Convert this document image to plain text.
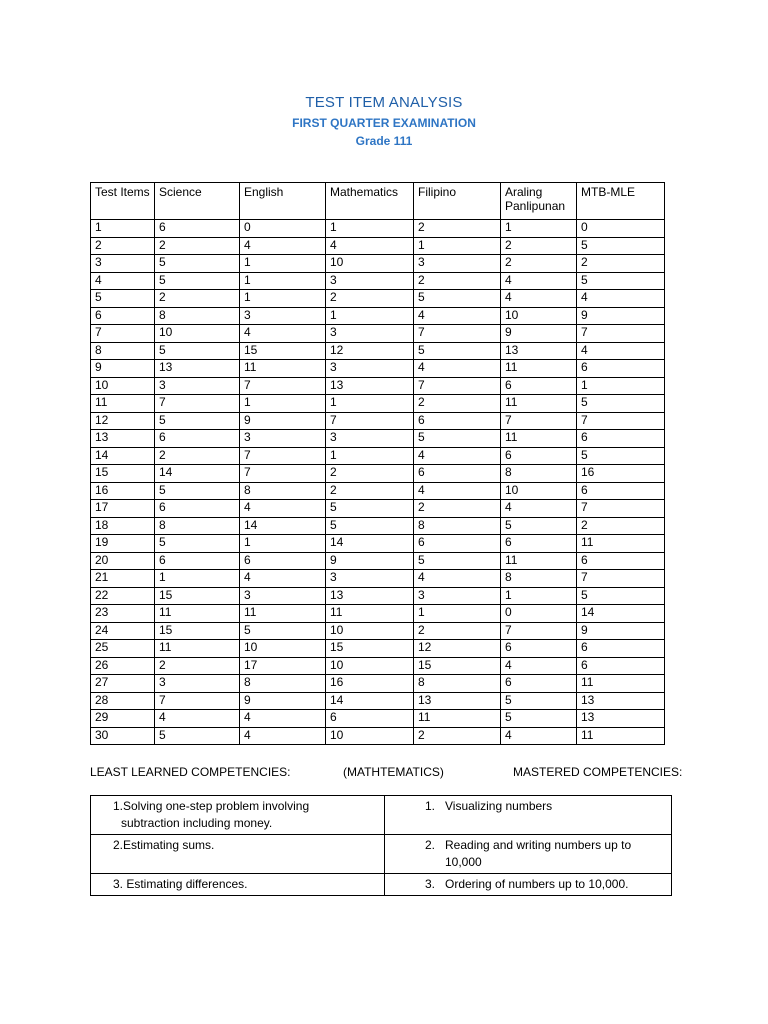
TEST ITEM ANALYSIS
FIRST QUARTER EXAMINATION
Grade 111
Test Items	Science	English	Mathematics	Filipino	Araling Panlipunan	MTB-MLE
1	6	0	1	2	1	0
2	2	4	4	1	2	5
3	5	1	10	3	2	2
4	5	1	3	2	4	5
5	2	1	2	5	4	4
6	8	3	1	4	10	9
7	10	4	3	7	9	7
8	5	15	12	5	13	4
9	13	11	3	4	11	6
10	3	7	13	7	6	1
11	7	1	1	2	11	5
12	5	9	7	6	7	7
13	6	3	3	5	11	6
14	2	7	1	4	6	5
15	14	7	2	6	8	16
16	5	8	2	4	10	6
17	6	4	5	2	4	7
18	8	14	5	8	5	2
19	5	1	14	6	6	11
20	6	6	9	5	11	6
21	1	4	3	4	8	7
22	15	3	13	3	1	5
23	11	11	11	1	0	14
24	15	5	10	2	7	9
25	11	10	15	12	6	6
26	2	17	10	15	4	6
27	3	8	16	8	6	11
28	7	9	14	13	5	13
29	4	4	6	11	5	13
30	5	4	10	2	4	11
LEAST LEARNED COMPETENCIES:	(MATHTEMATICS)	MASTERED COMPETENCIES:
1.Solving one-step problem involving
subtraction including money.	1. Visualizing numbers

2.Estimating sums.	2. Reading and writing numbers up to 10,000

3. Estimating differences.	3. Ordering of numbers up to 10,000.
